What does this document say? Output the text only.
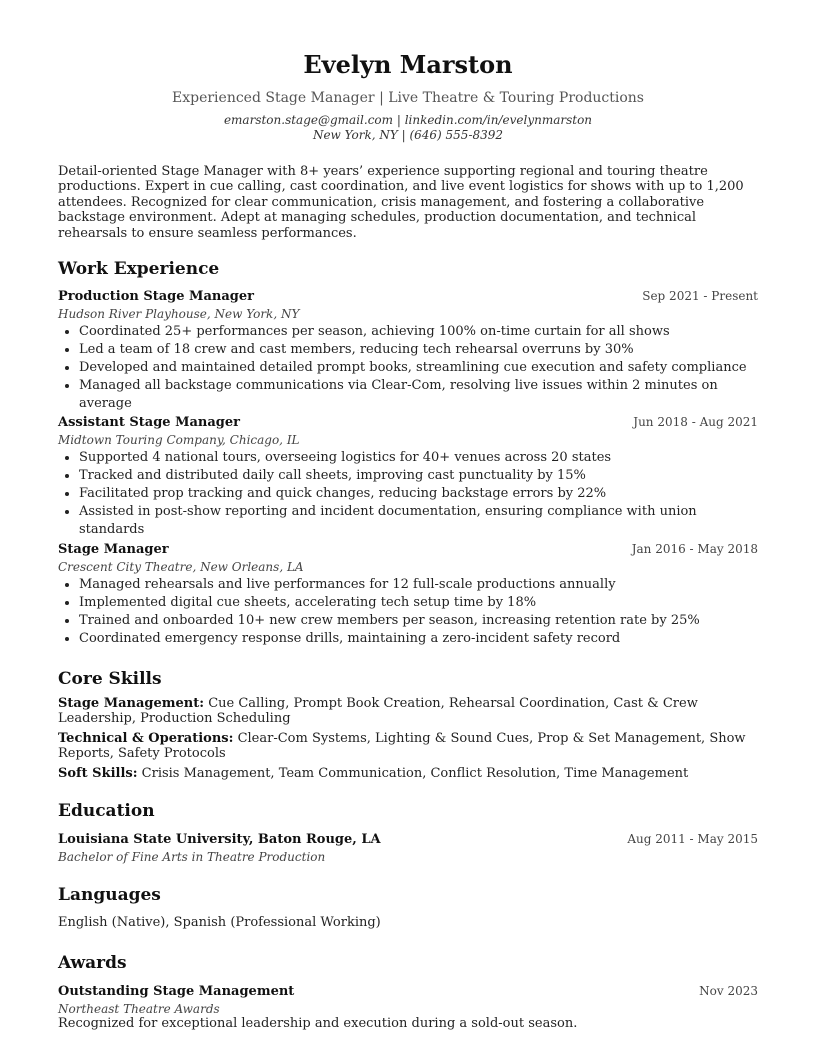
Evelyn Marston
Experienced Stage Manager | Live Theatre & Touring Productions
emarston.stage@gmail.com | linkedin.com/in/evelynmarston
New York, NY | (646) 555-8392
Detail-oriented Stage Manager with 8+ years’ experience supporting regional and touring theatre productions. Expert in cue calling, cast coordination, and live event logistics for shows with up to 1,200 attendees. Recognized for clear communication, crisis management, and fostering a collaborative backstage environment. Adept at managing schedules, production documentation, and technical rehearsals to ensure seamless performances.
Work Experience
Production Stage Manager	Sep 2021 - Present
Hudson River Playhouse, New York, NY
• Coordinated 25+ performances per season, achieving 100% on-time curtain for all shows
• Led a team of 18 crew and cast members, reducing tech rehearsal overruns by 30%
• Developed and maintained detailed prompt books, streamlining cue execution and safety compliance
• Managed all backstage communications via Clear-Com, resolving live issues within 2 minutes on average
Assistant Stage Manager	Jun 2018 - Aug 2021
Midtown Touring Company, Chicago, IL
• Supported 4 national tours, overseeing logistics for 40+ venues across 20 states
• Tracked and distributed daily call sheets, improving cast punctuality by 15%
• Facilitated prop tracking and quick changes, reducing backstage errors by 22%
• Assisted in post-show reporting and incident documentation, ensuring compliance with union standards
Stage Manager	Jan 2016 - May 2018
Crescent City Theatre, New Orleans, LA
• Managed rehearsals and live performances for 12 full-scale productions annually
• Implemented digital cue sheets, accelerating tech setup time by 18%
• Trained and onboarded 10+ new crew members per season, increasing retention rate by 25%
• Coordinated emergency response drills, maintaining a zero-incident safety record
Core Skills
Stage Management: Cue Calling, Prompt Book Creation, Rehearsal Coordination, Cast & Crew Leadership, Production Scheduling
Technical & Operations: Clear-Com Systems, Lighting & Sound Cues, Prop & Set Management, Show Reports, Safety Protocols
Soft Skills: Crisis Management, Team Communication, Conflict Resolution, Time Management
Education
Louisiana State University, Baton Rouge, LA	Aug 2011 - May 2015
Bachelor of Fine Arts in Theatre Production
Languages
English (Native), Spanish (Professional Working)
Awards
Outstanding Stage Management	Nov 2023
Northeast Theatre Awards
Recognized for exceptional leadership and execution during a sold-out season.
